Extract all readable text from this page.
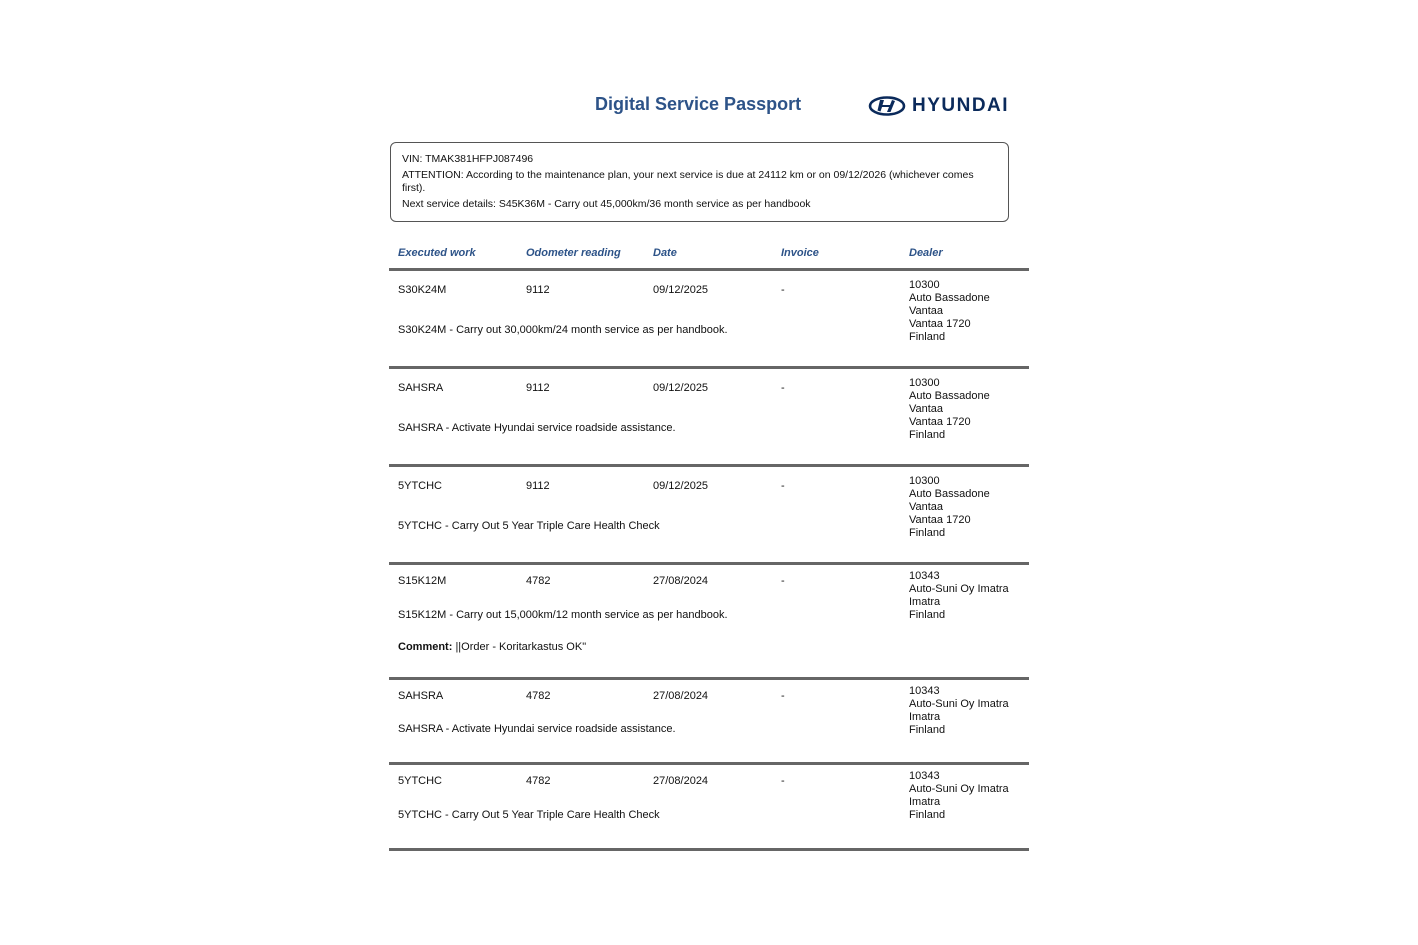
Digital Service Passport	HYUNDAI
VIN: TMAK381HFPJ087496
ATTENTION: According to the maintenance plan, your next service is due at 24112 km or on 09/12/2026 (whichever comes first).
Next service details: S45K36M - Carry out 45,000km/36 month service as per handbook
Executed work	Odometer reading	Date	Invoice	Dealer
S30K24M	9112	09/12/2025	-	10300
Auto Bassadone
Vantaa
Vantaa 1720
Finland
S30K24M - Carry out 30,000km/24 month service as per handbook.
SAHSRA	9112	09/12/2025	-	10300
Auto Bassadone
Vantaa
Vantaa 1720
Finland
SAHSRA - Activate Hyundai service roadside assistance.
5YTCHC	9112	09/12/2025	-	10300
Auto Bassadone
Vantaa
Vantaa 1720
Finland
5YTCHC - Carry Out 5 Year Triple Care Health Check
S15K12M	4782	27/08/2024	-	10343
Auto-Suni Oy Imatra
Imatra
Finland
S15K12M - Carry out 15,000km/12 month service as per handbook.
Comment: ||Order - Koritarkastus OK"
SAHSRA	4782	27/08/2024	-	10343
Auto-Suni Oy Imatra
Imatra
Finland
SAHSRA - Activate Hyundai service roadside assistance.
5YTCHC	4782	27/08/2024	-	10343
Auto-Suni Oy Imatra
Imatra
Finland
5YTCHC - Carry Out 5 Year Triple Care Health Check
